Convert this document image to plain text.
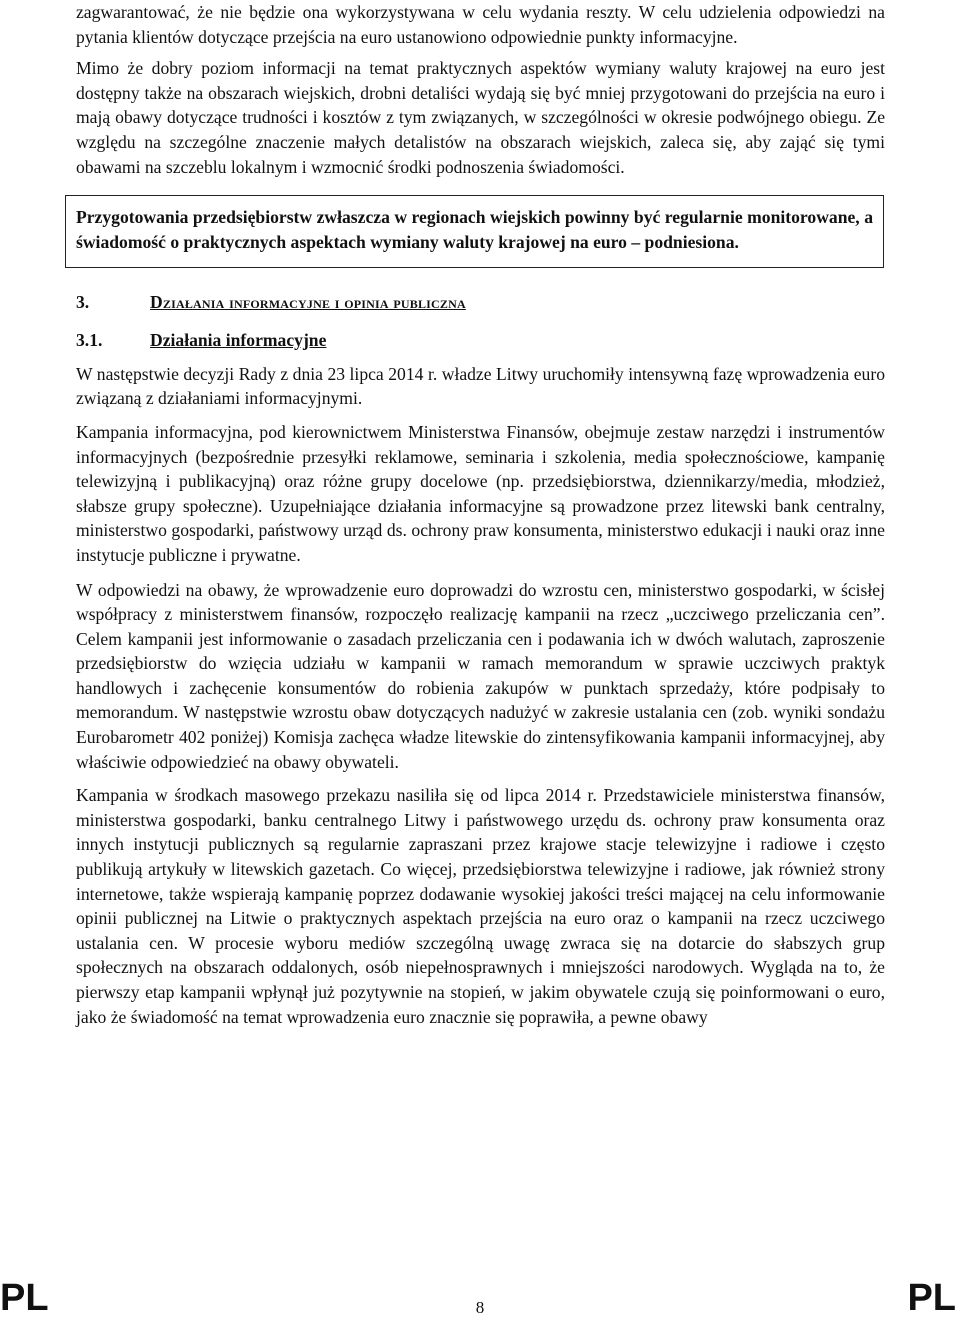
zagwarantować, że nie będzie ona wykorzystywana w celu wydania reszty. W celu udzielenia odpowiedzi na pytania klientów dotyczące przejścia na euro ustanowiono odpowiednie punkty informacyjne.

Mimo że dobry poziom informacji na temat praktycznych aspektów wymiany waluty krajowej na euro jest dostępny także na obszarach wiejskich, drobni detaliści wydają się być mniej przygotowani do przejścia na euro i mają obawy dotyczące trudności i kosztów z tym związanych, w szczególności w okresie podwójnego obiegu. Ze względu na szczególne znaczenie małych detalistów na obszarach wiejskich, zaleca się, aby zająć się tymi obawami na szczeblu lokalnym i wzmocnić środki podnoszenia świadomości.

Przygotowania przedsiębiorstw zwłaszcza w regionach wiejskich powinny być regularnie monitorowane, a świadomość o praktycznych aspektach wymiany waluty krajowej na euro – podniesiona.

3.	Działania informacyjne i opinia publiczna
3.1.	Działania informacyjne

W następstwie decyzji Rady z dnia 23 lipca 2014 r. władze Litwy uruchomiły intensywną fazę wprowadzenia euro związaną z działaniami informacyjnymi.

Kampania informacyjna, pod kierownictwem Ministerstwa Finansów, obejmuje zestaw narzędzi i instrumentów informacyjnych (bezpośrednie przesyłki reklamowe, seminaria i szkolenia, media społecznościowe, kampanię telewizyjną i publikacyjną) oraz różne grupy docelowe (np. przedsiębiorstwa, dziennikarzy/media, młodzież, słabsze grupy społeczne). Uzupełniające działania informacyjne są prowadzone przez litewski bank centralny, ministerstwo gospodarki, państwowy urząd ds. ochrony praw konsumenta, ministerstwo edukacji i nauki oraz inne instytucje publiczne i prywatne.

W odpowiedzi na obawy, że wprowadzenie euro doprowadzi do wzrostu cen, ministerstwo gospodarki, w ścisłej współpracy z ministerstwem finansów, rozpoczęło realizację kampanii na rzecz „uczciwego przeliczania cen”. Celem kampanii jest informowanie o zasadach przeliczania cen i podawania ich w dwóch walutach, zaproszenie przedsiębiorstw do wzięcia udziału w kampanii w ramach memorandum w sprawie uczciwych praktyk handlowych i zachęcenie konsumentów do robienia zakupów w punktach sprzedaży, które podpisały to memorandum. W następstwie wzrostu obaw dotyczących nadużyć w zakresie ustalania cen (zob. wyniki sondażu Eurobarometr 402 poniżej) Komisja zachęca władze litewskie do zintensyfikowania kampanii informacyjnej, aby właściwie odpowiedzieć na obawy obywateli.

Kampania w środkach masowego przekazu nasiliła się od lipca 2014 r. Przedstawiciele ministerstwa finansów, ministerstwa gospodarki, banku centralnego Litwy i państwowego urzędu ds. ochrony praw konsumenta oraz innych instytucji publicznych są regularnie zapraszani przez krajowe stacje telewizyjne i radiowe i często publikują artykuły w litewskich gazetach. Co więcej, przedsiębiorstwa telewizyjne i radiowe, jak również strony internetowe, także wspierają kampanię poprzez dodawanie wysokiej jakości treści mającej na celu informowanie opinii publicznej na Litwie o praktycznych aspektach przejścia na euro oraz o kampanii na rzecz uczciwego ustalania cen. W procesie wyboru mediów szczególną uwagę zwraca się na dotarcie do słabszych grup społecznych na obszarach oddalonych, osób niepełnosprawnych i mniejszości narodowych. Wygląda na to, że pierwszy etap kampanii wpłynął już pozytywnie na stopień, w jakim obywatele czują się poinformowani o euro, jako że świadomość na temat wprowadzenia euro znacznie się poprawiła, a pewne obawy

PL	8	PL
